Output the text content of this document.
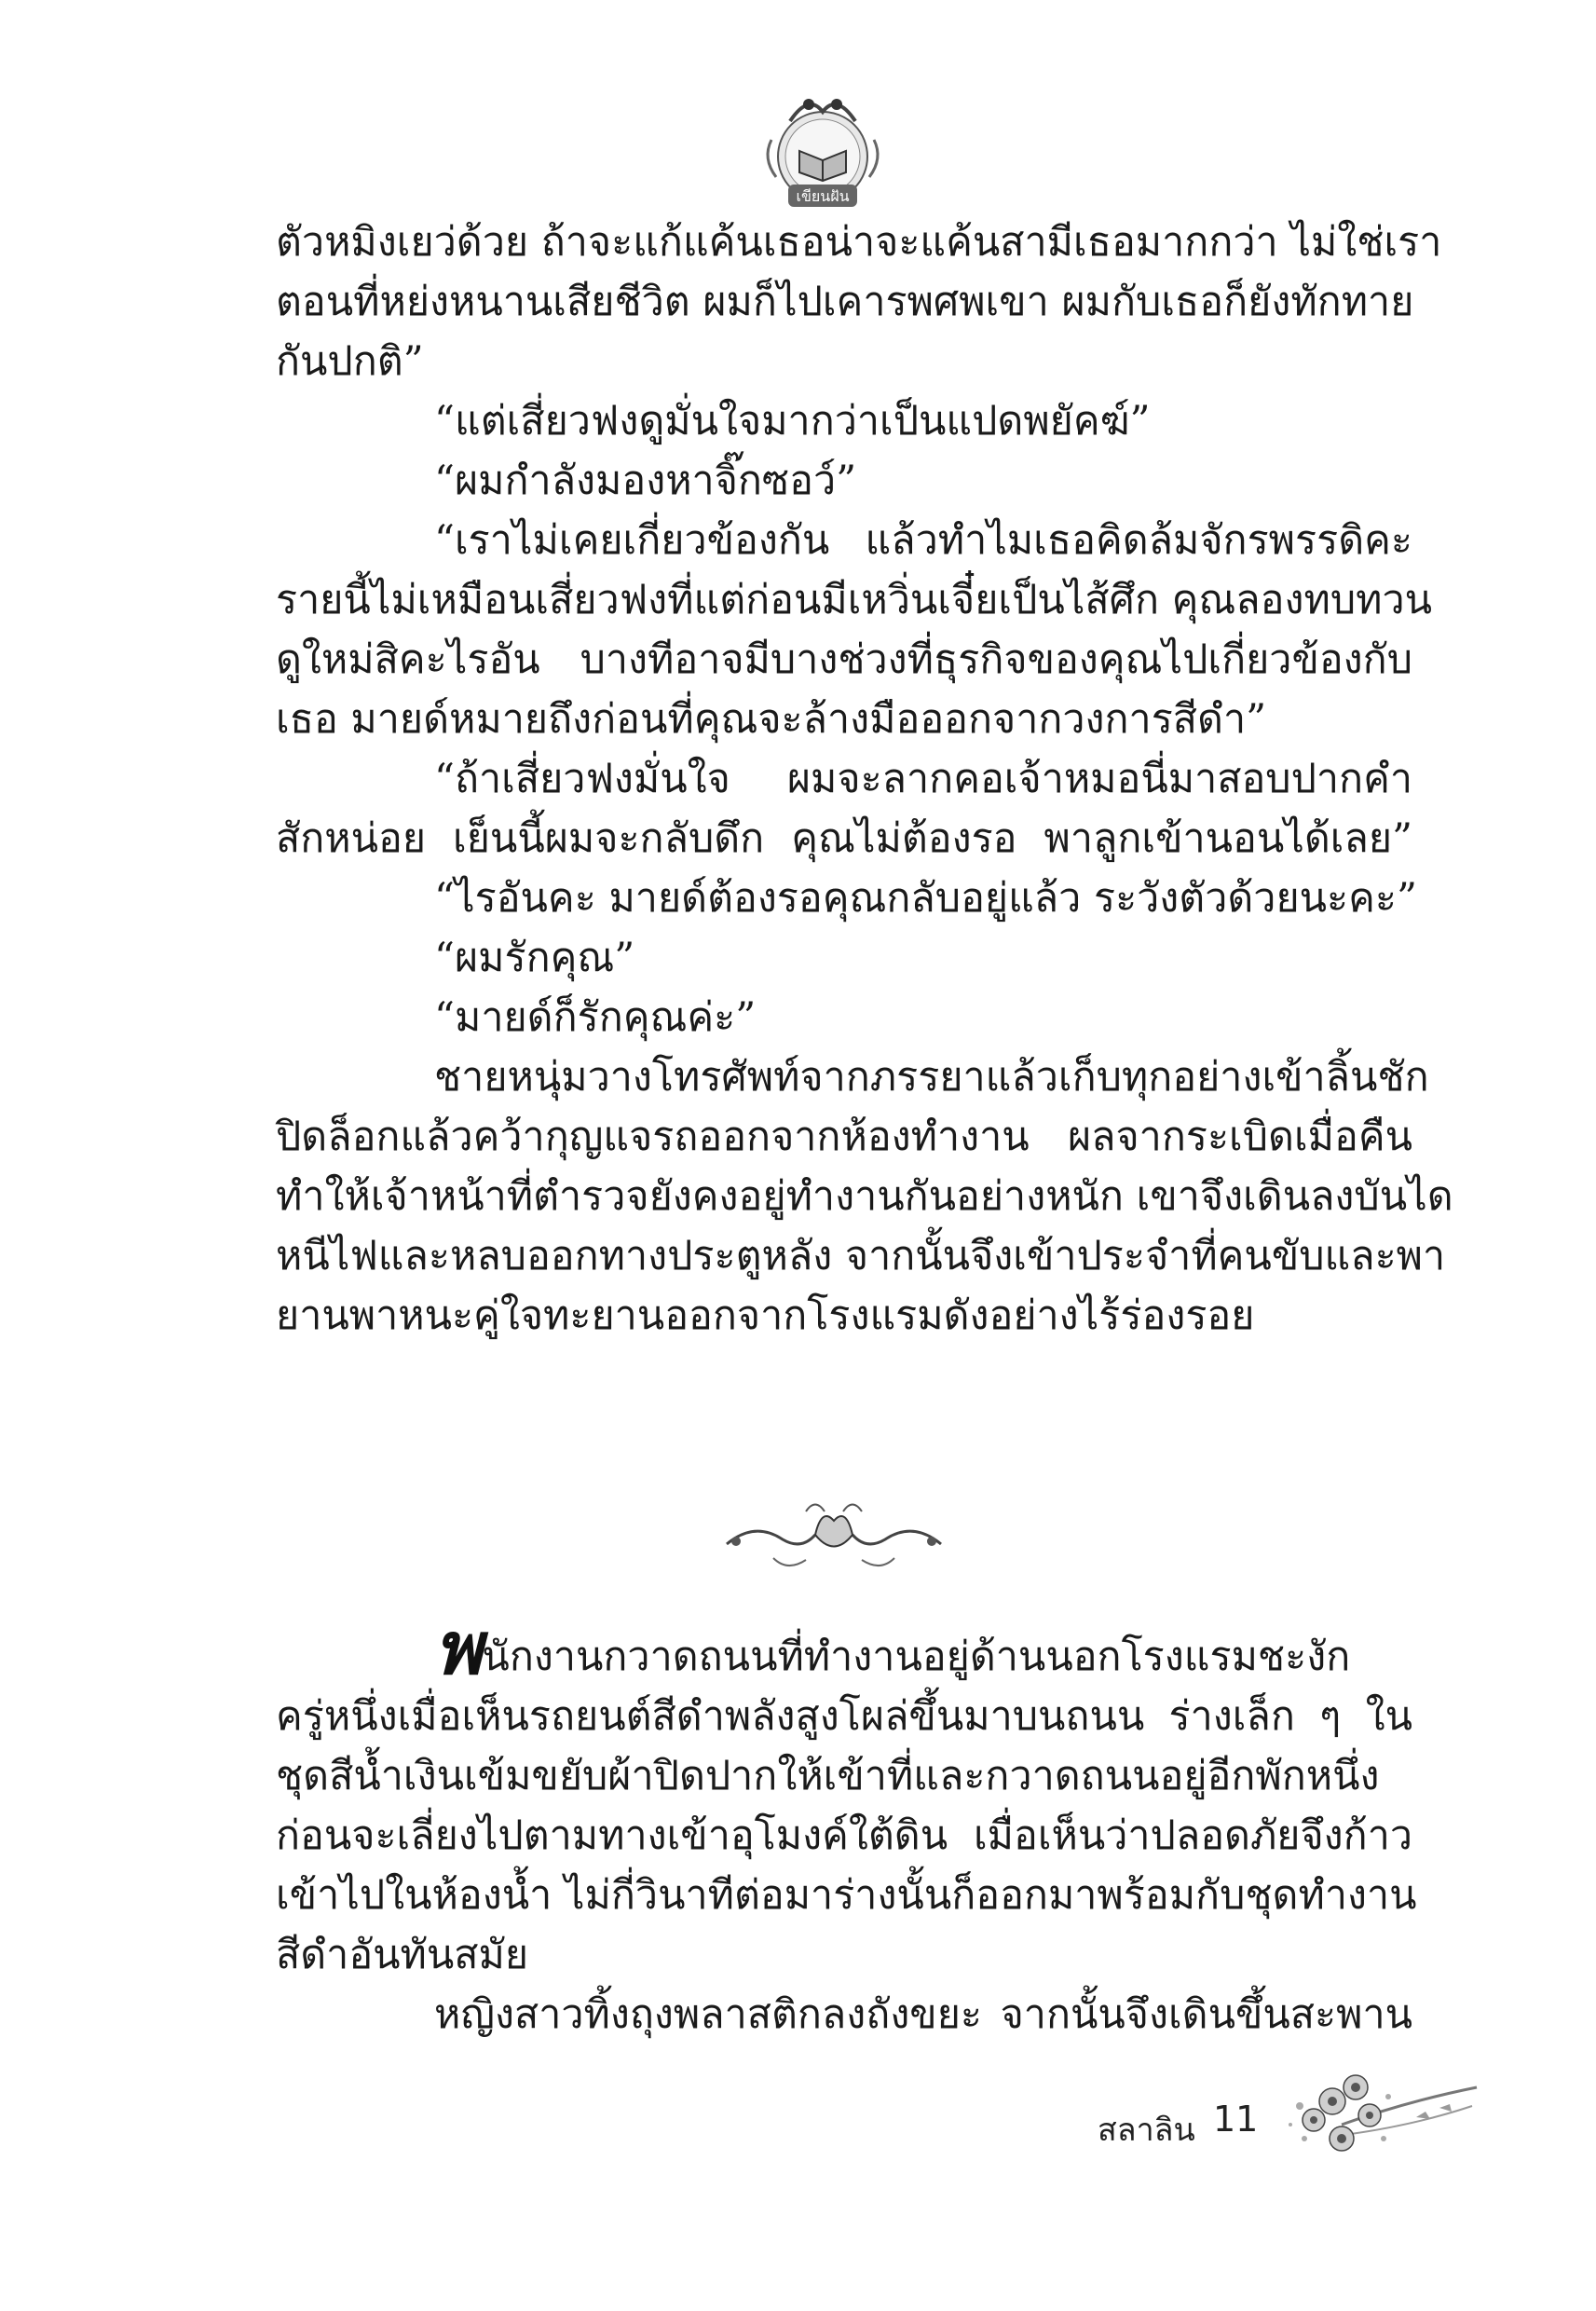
เขียนฝัน
ตัวหมิงเยว่ด้วย ถ้าจะแก้แค้นเธอน่าจะแค้นสามีเธอมากกว่า ไม่ใช่เรา
ตอนที่หย่งหนานเสียชีวิต ผมก็ไปเคารพศพเขา ผมกับเธอก็ยังทักทาย
กันปกติ”
“แต่เสี่ยวฟงดูมั่นใจมากว่าเป็นแปดพยัคฆ์”
“ผมกำลังมองหาจิ๊กซอว์”
“เราไม่เคยเกี่ยวข้องกัน แล้วทำไมเธอคิดล้มจักรพรรดิคะ
รายนี้ไม่เหมือนเสี่ยวฟงที่แต่ก่อนมีเหวิ่นเจี๋ยเป็นไส้ศึก คุณลองทบทวน
ดูใหม่สิคะไรอัน บางทีอาจมีบางช่วงที่ธุรกิจของคุณไปเกี่ยวข้องกับ
เธอ มายด์หมายถึงก่อนที่คุณจะล้างมือออกจากวงการสีดำ”
“ถ้าเสี่ยวฟงมั่นใจ ผมจะลากคอเจ้าหมอนี่มาสอบปากคำ
สักหน่อย เย็นนี้ผมจะกลับดึก คุณไม่ต้องรอ พาลูกเข้านอนได้เลย”
“ไรอันคะ มายด์ต้องรอคุณกลับอยู่แล้ว ระวังตัวด้วยนะคะ”
“ผมรักคุณ”
“มายด์ก็รักคุณค่ะ”
ชายหนุ่มวางโทรศัพท์จากภรรยาแล้วเก็บทุกอย่างเข้าลิ้นชัก
ปิดล็อกแล้วคว้ากุญแจรถออกจากห้องทำงาน ผลจากระเบิดเมื่อคืน
ทำให้เจ้าหน้าที่ตำรวจยังคงอยู่ทำงานกันอย่างหนัก เขาจึงเดินลงบันได
หนีไฟและหลบออกทางประตูหลัง จากนั้นจึงเข้าประจำที่คนขับและพา
ยานพาหนะคู่ใจทะยานออกจากโรงแรมดังอย่างไร้ร่องรอย
พนักงานกวาดถนนที่ทำงานอยู่ด้านนอกโรงแรมชะงัก
ครู่หนึ่งเมื่อเห็นรถยนต์สีดำพลังสูงโผล่ขึ้นมาบนถนน ร่างเล็ก ๆ ใน
ชุดสีน้ำเงินเข้มขยับผ้าปิดปากให้เข้าที่และกวาดถนนอยู่อีกพักหนึ่ง
ก่อนจะเลี่ยงไปตามทางเข้าอุโมงค์ใต้ดิน เมื่อเห็นว่าปลอดภัยจึงก้าว
เข้าไปในห้องน้ำ ไม่กี่วินาทีต่อมาร่างนั้นก็ออกมาพร้อมกับชุดทำงาน
สีดำอันทันสมัย
หญิงสาวทิ้งถุงพลาสติกลงถังขยะ จากนั้นจึงเดินขึ้นสะพาน
สลาลิน 11
